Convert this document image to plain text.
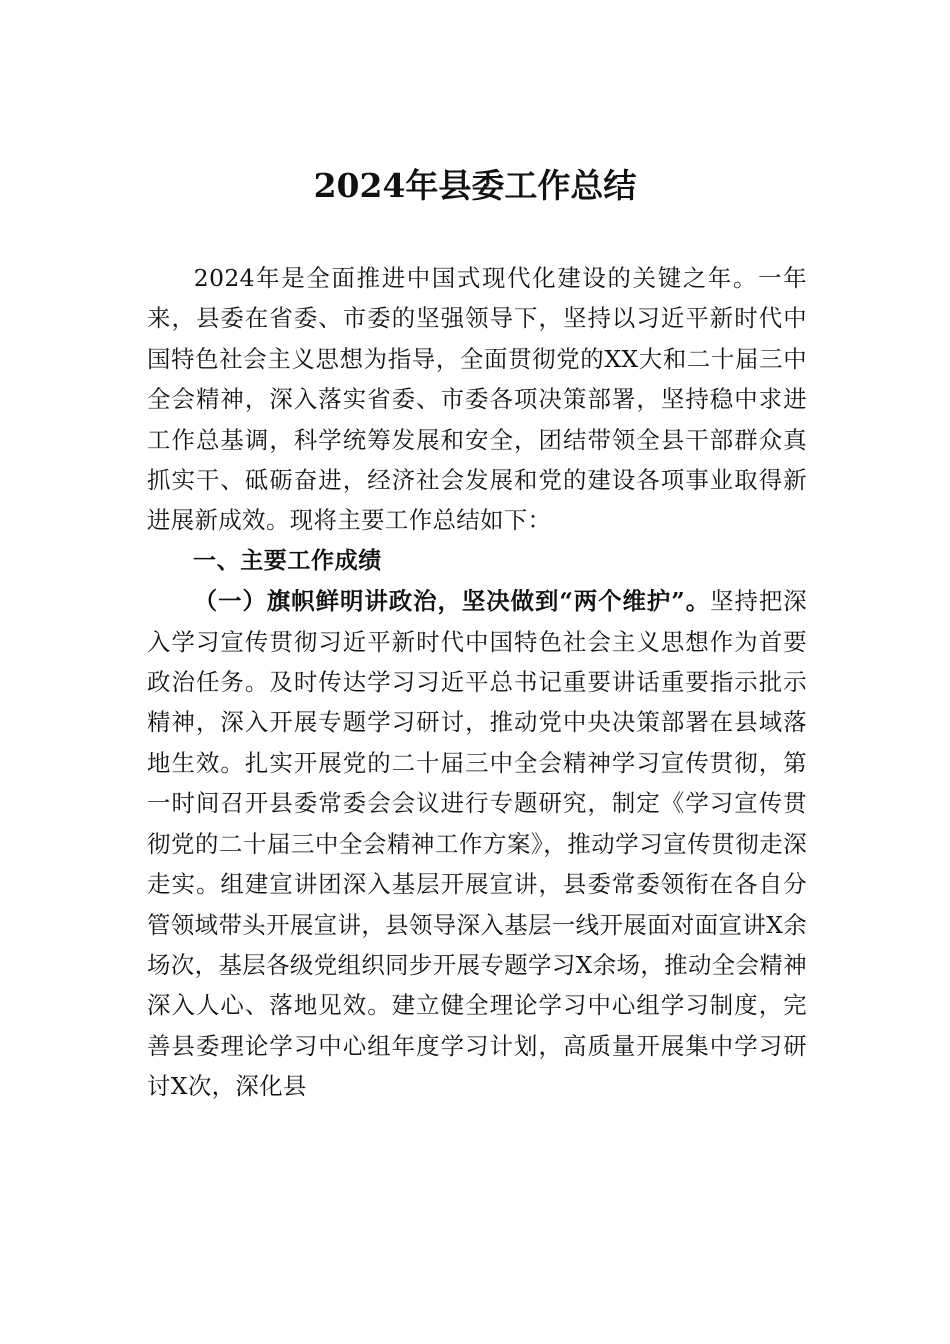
2024年县委工作总结

2024年是全面推进中国式现代化建设的关键之年。一年来，县委在省委、市委的坚强领导下，坚持以习近平新时代中国特色社会主义思想为指导，全面贯彻党的XX大和二十届三中全会精神，深入落实省委、市委各项决策部署，坚持稳中求进工作总基调，科学统筹发展和安全，团结带领全县干部群众真抓实干、砥砺奋进，经济社会发展和党的建设各项事业取得新进展新成效。现将主要工作总结如下：

一、主要工作成绩

（一）旗帜鲜明讲政治，坚决做到“两个维护”。坚持把深入学习宣传贯彻习近平新时代中国特色社会主义思想作为首要政治任务。及时传达学习习近平总书记重要讲话重要指示批示精神，深入开展专题学习研讨，推动党中央决策部署在县域落地生效。扎实开展党的二十届三中全会精神学习宣传贯彻，第一时间召开县委常委会会议进行专题研究，制定《学习宣传贯彻党的二十届三中全会精神工作方案》，推动学习宣传贯彻走深走实。组建宣讲团深入基层开展宣讲，县委常委领衔在各自分管领域带头开展宣讲，县领导深入基层一线开展面对面宣讲X余场次，基层各级党组织同步开展专题学习X余场，推动全会精神深入人心、落地见效。建立健全理论学习中心组学习制度，完善县委理论学习中心组年度学习计划，高质量开展集中学习研讨X次，深化县
